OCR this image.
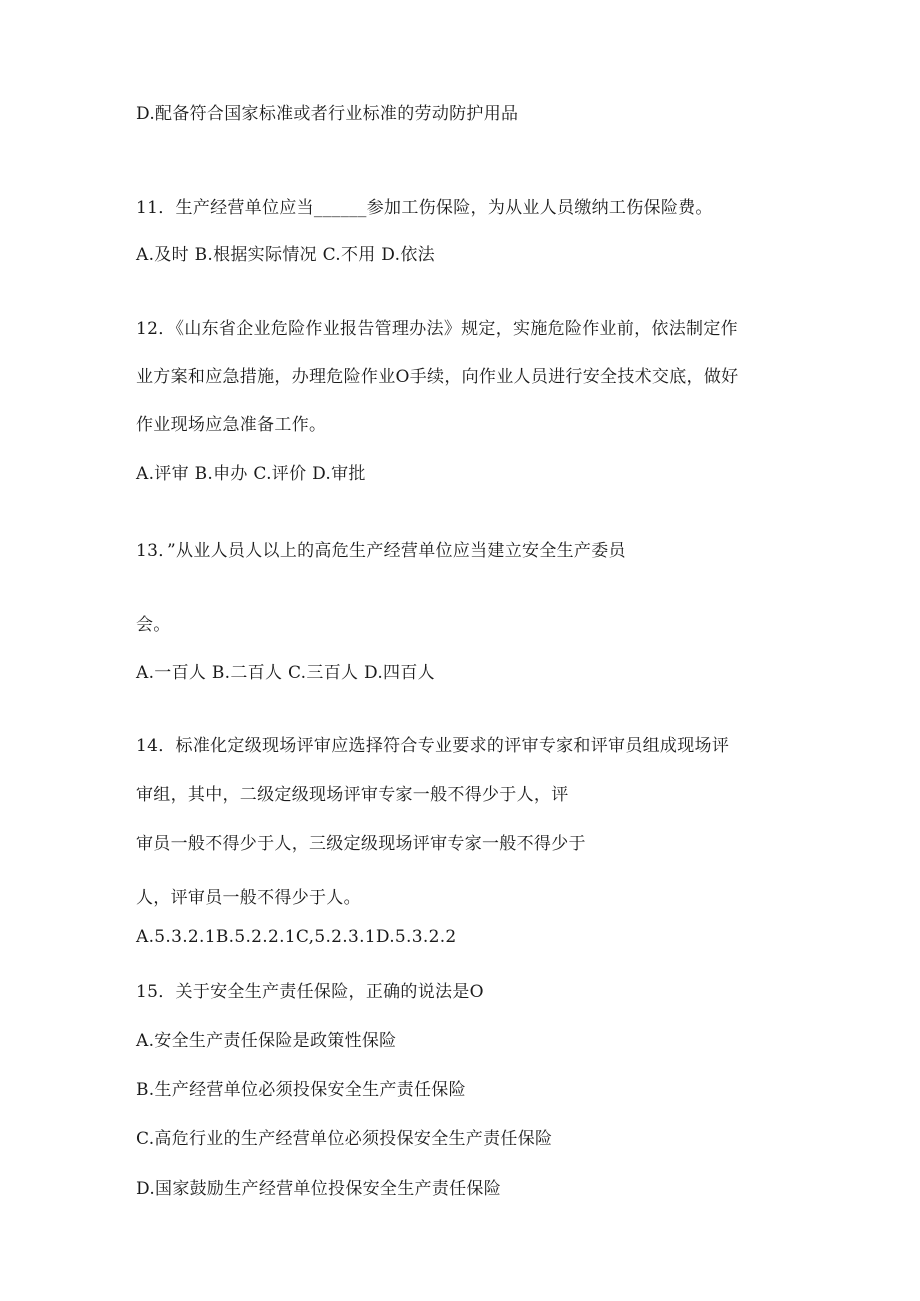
D.配备符合国家标准或者行业标准的劳动防护用品
11．生产经营单位应当______参加工伤保险，为从业人员缴纳工伤保险费。
A.及时 B.根据实际情况 C.不用 D.依法
12．《山东省企业危险作业报告管理办法》规定，实施危险作业前，依法制定作
业方案和应急措施，办理危险作业O手续，向作业人员进行安全技术交底，做好
作业现场应急准备工作。
A.评审 B.申办 C.评价 D.审批
13．”从业人员人以上的高危生产经营单位应当建立安全生产委员
会。
A.一百人 B.二百人 C.三百人 D.四百人
14．标准化定级现场评审应选择符合专业要求的评审专家和评审员组成现场评
审组，其中，二级定级现场评审专家一般不得少于人，评
审员一般不得少于人，三级定级现场评审专家一般不得少于
人，评审员一般不得少于人。
A.5.3.2.1B.5.2.2.1C,5.2.3.1D.5.3.2.2
15．关于安全生产责任保险，正确的说法是O
A.安全生产责任保险是政策性保险
B.生产经营单位必须投保安全生产责任保险
C.高危行业的生产经营单位必须投保安全生产责任保险
D.国家鼓励生产经营单位投保安全生产责任保险
